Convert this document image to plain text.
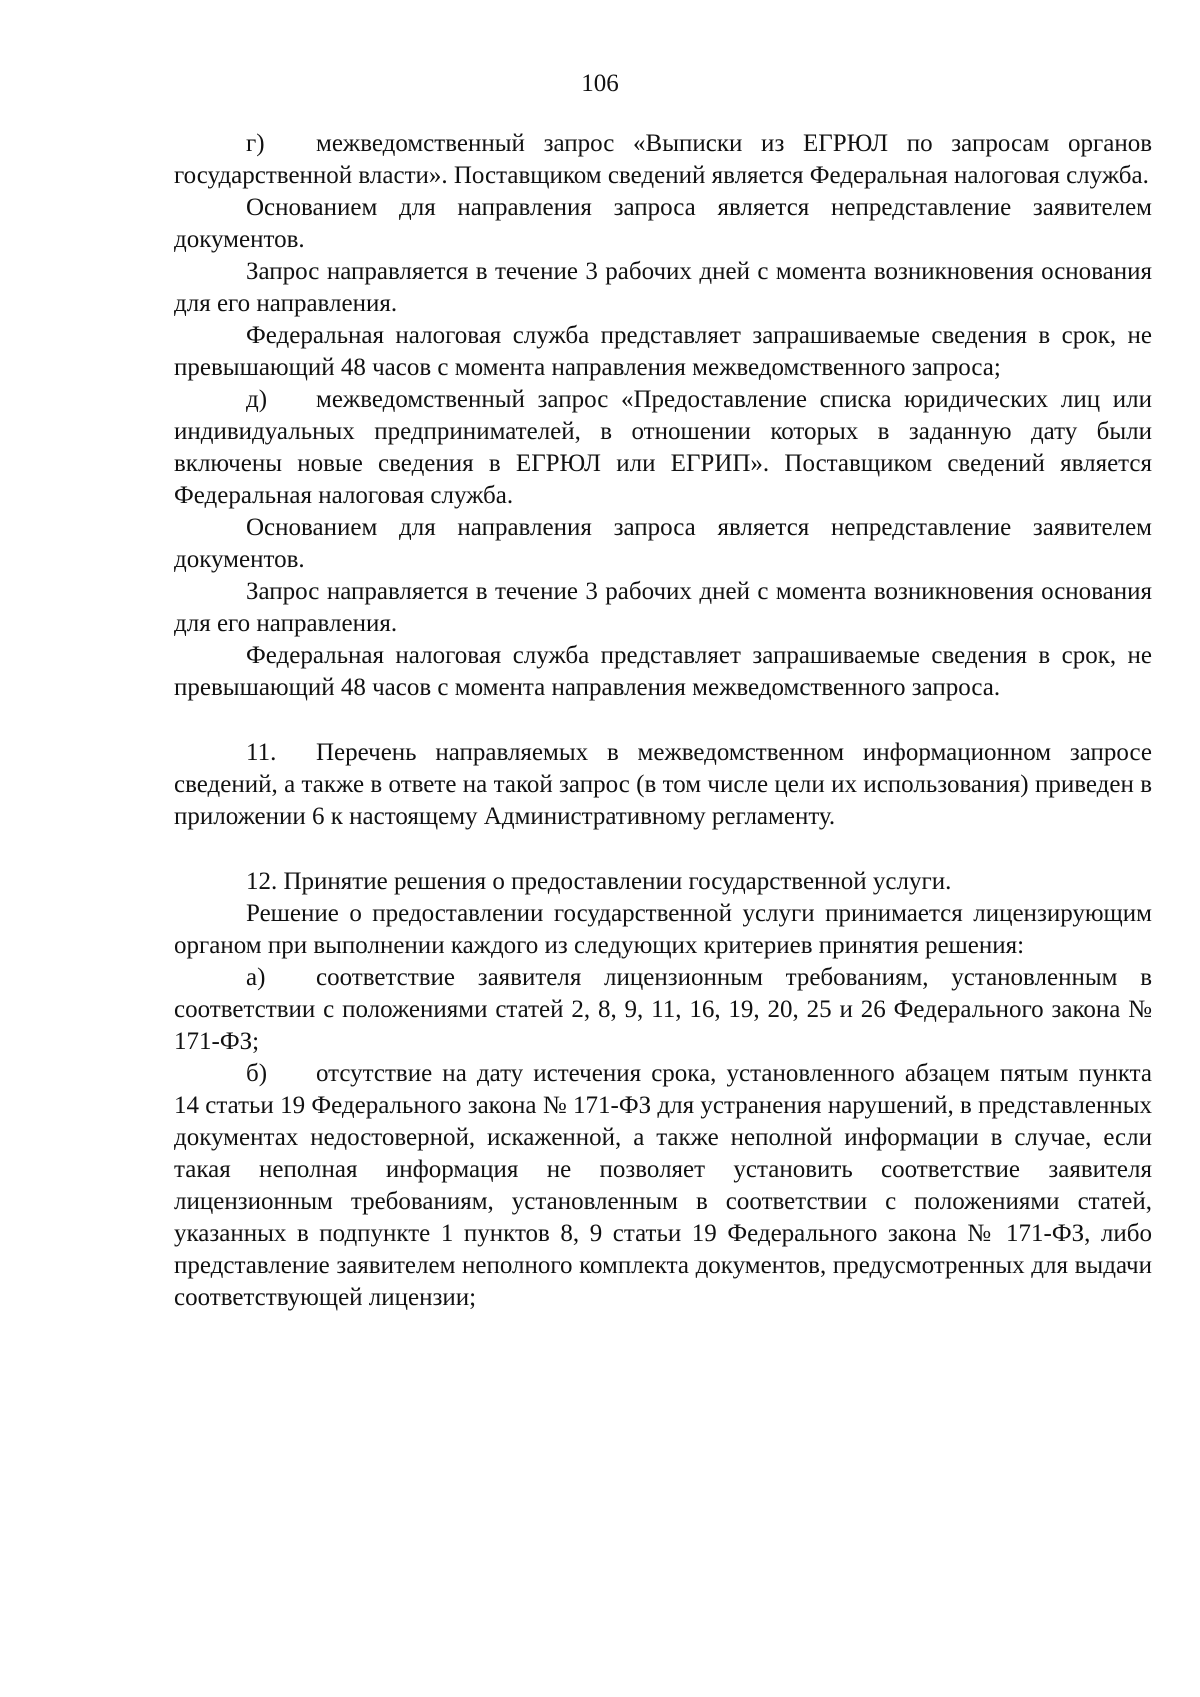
106

г) межведомственный запрос «Выписки из ЕГРЮЛ по запросам органов государственной власти». Поставщиком сведений является Федеральная налоговая служба.

Основанием для направления запроса является непредставление заявителем документов.

Запрос направляется в течение 3 рабочих дней с момента возникновения основания для его направления.

Федеральная налоговая служба представляет запрашиваемые сведения в срок, не превышающий 48 часов с момента направления межведомственного запроса;

д) межведомственный запрос «Предоставление списка юридических лиц или индивидуальных предпринимателей, в отношении которых в заданную дату были включены новые сведения в ЕГРЮЛ или ЕГРИП». Поставщиком сведений является Федеральная налоговая служба.

Основанием для направления запроса является непредставление заявителем документов.

Запрос направляется в течение 3 рабочих дней с момента возникновения основания для его направления.

Федеральная налоговая служба представляет запрашиваемые сведения в срок, не превышающий 48 часов с момента направления межведомственного запроса.

11. Перечень направляемых в межведомственном информационном запросе сведений, а также в ответе на такой запрос (в том числе цели их использования) приведен в приложении 6 к настоящему Административному регламенту.

12. Принятие решения о предоставлении государственной услуги.

Решение о предоставлении государственной услуги принимается лицензирующим органом при выполнении каждого из следующих критериев принятия решения:

а) соответствие заявителя лицензионным требованиям, установленным в соответствии с положениями статей 2, 8, 9, 11, 16, 19, 20, 25 и 26 Федерального закона № 171-ФЗ;

б) отсутствие на дату истечения срока, установленного абзацем пятым пункта 14 статьи 19 Федерального закона № 171-ФЗ для устранения нарушений, в представленных документах недостоверной, искаженной, а также неполной информации в случае, если такая неполная информация не позволяет установить соответствие заявителя лицензионным требованиям, установленным в соответствии с положениями статей, указанных в подпункте 1 пунктов 8, 9 статьи 19 Федерального закона № 171-ФЗ, либо представление заявителем неполного комплекта документов, предусмотренных для выдачи соответствующей лицензии;
